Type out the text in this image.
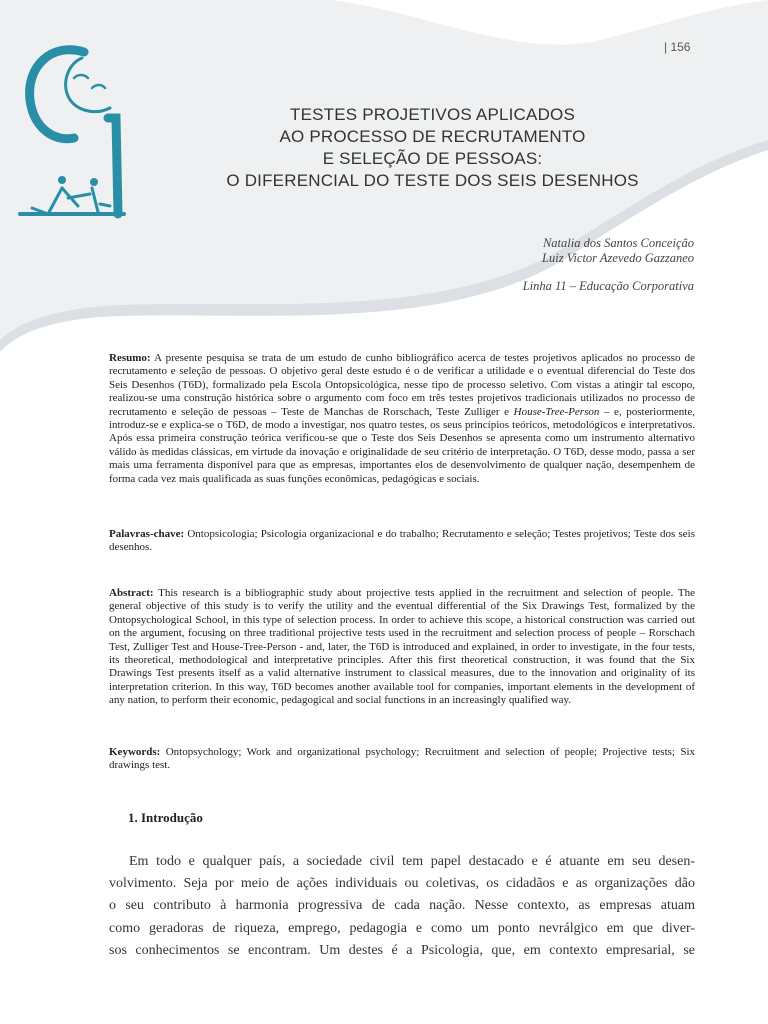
| 156
TESTES PROJETIVOS APLICADOS
AO PROCESSO DE RECRUTAMENTO
E SELEÇÃO DE PESSOAS:
O DIFERENCIAL DO TESTE DOS SEIS DESENHOS
Natalia dos Santos Conceição
Luiz Victor Azevedo Gazzaneo
Linha 11 – Educação Corporativa
Resumo: A presente pesquisa se trata de um estudo de cunho bibliográfico acerca de testes projetivos aplicados no processo de recrutamento e seleção de pessoas. O objetivo geral deste estudo é o de verificar a utilidade e o eventual diferencial do Teste dos Seis Desenhos (T6D), formalizado pela Escola Ontopsicológica, nesse tipo de processo seletivo. Com vistas a atingir tal escopo, realizou-se uma construção histórica sobre o argumento com foco em três testes projetivos tradicionais utilizados no processo de recrutamento e seleção de pessoas – Teste de Manchas de Rorschach, Teste Zulliger e House-Tree-Person – e, posteriormente, introduz-se e explica-se o T6D, de modo a investigar, nos quatro testes, os seus princípios teóricos, metodológicos e interpretativos. Após essa primeira construção teórica verificou-se que o Teste dos Seis Desenhos se apresenta como um instrumento alternativo válido às medidas clássicas, em virtude da inovação e originalidade de seu critério de interpretação. O T6D, desse modo, passa a ser mais uma ferramenta disponível para que as empresas, importantes elos de desenvolvimento de qualquer nação, desempenhem de forma cada vez mais qualificada as suas funções econômicas, pedagógicas e sociais.
Palavras-chave: Ontopsicologia; Psicologia organizacional e do trabalho; Recrutamento e seleção; Testes projetivos; Teste dos seis desenhos.
Abstract: This research is a bibliographic study about projective tests applied in the recruitment and selection of people. The general objective of this study is to verify the utility and the eventual differential of the Six Drawings Test, formalized by the Ontopsychological School, in this type of selection process. In order to achieve this scope, a historical construction was carried out on the argument, focusing on three traditional projective tests used in the recruitment and selection process of people – Rorschach Test, Zulliger Test and House-Tree-Person - and, later, the T6D is introduced and explained, in order to investigate, in the four tests, its theoretical, methodological and interpretative principles. After this first theoretical construction, it was found that the Six Drawings Test presents itself as a valid alternative instrument to classical measures, due to the innovation and originality of its interpretation criterion. In this way, T6D becomes another available tool for companies, important elements in the development of any nation, to perform their economic, pedagogical and social functions in an increasingly qualified way.
Keywords: Ontopsychology; Work and organizational psychology; Recruitment and selection of people; Projective tests; Six drawings test.
1. Introdução
Em todo e qualquer país, a sociedade civil tem papel destacado e é atuante em seu desen-
volvimento. Seja por meio de ações individuais ou coletivas, os cidadãos e as organizações dão
o seu contributo à harmonia progressiva de cada nação. Nesse contexto, as empresas atuam
como geradoras de riqueza, emprego, pedagogia e como um ponto nevrálgico em que diver-
sos conhecimentos se encontram. Um destes é a Psicologia, que, em contexto empresarial, se
